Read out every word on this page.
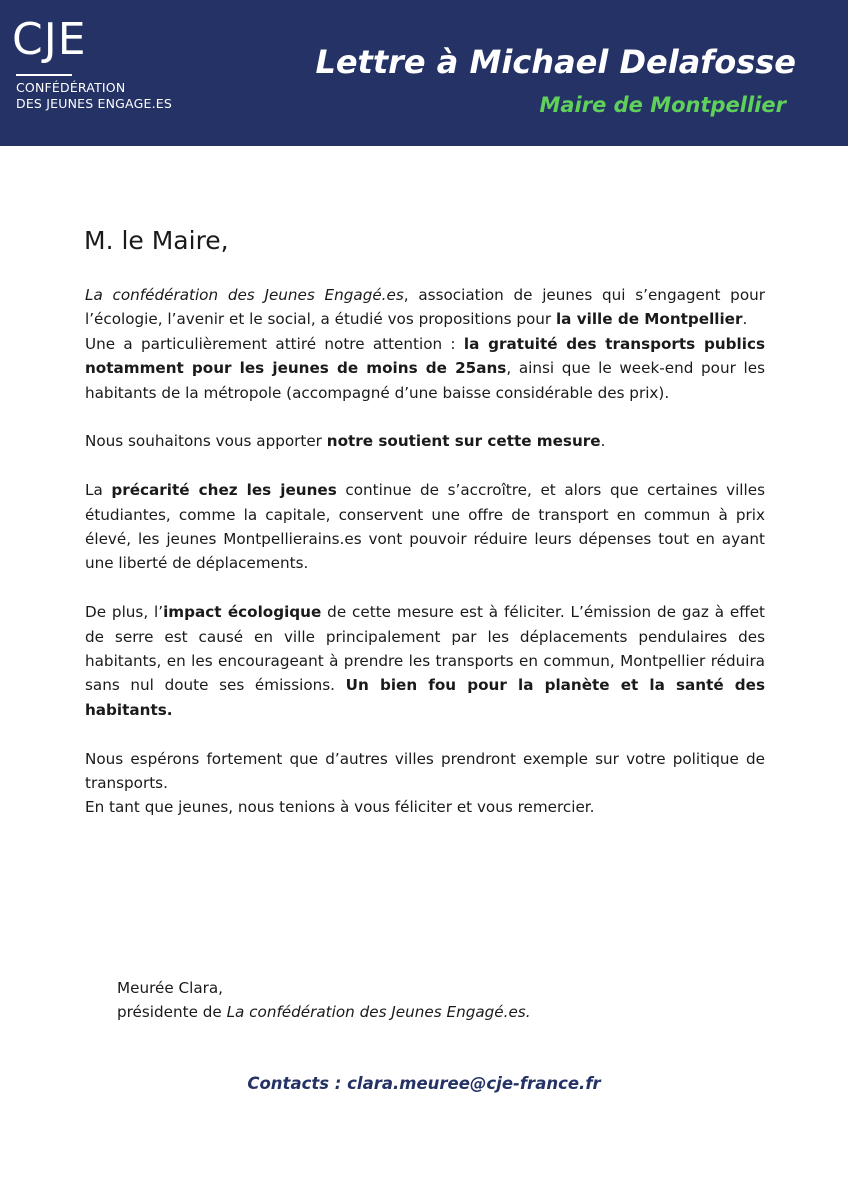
CJE
CONFÉDÉRATION
DES JEUNES ENGAGE.ES
Lettre à Michael Delafosse
Maire de Montpellier
M. le Maire,

La confédération des Jeunes Engagé.es, association de jeunes qui s’engagent pour l’écologie, l’avenir et le social, a étudié vos propositions pour la ville de Montpellier.

Une a particulièrement attiré notre attention : la gratuité des transports publics notamment pour les jeunes de moins de 25ans, ainsi que le week-end pour les habitants de la métropole (accompagné d’une baisse considérable des prix).

Nous souhaitons vous apporter notre soutient sur cette mesure.

La précarité chez les jeunes continue de s’accroître, et alors que certaines villes étudiantes, comme la capitale, conservent une offre de transport en commun à prix élevé, les jeunes Montpellierains.es vont pouvoir réduire leurs dépenses tout en ayant une liberté de déplacements.

De plus, l’impact écologique de cette mesure est à féliciter. L’émission de gaz à effet de serre est causé en ville principalement par les déplacements pendulaires des habitants, en les encourageant à prendre les transports en commun, Montpellier réduira sans nul doute ses émissions. Un bien fou pour la planète et la santé des habitants.

Nous espérons fortement que d’autres villes prendront exemple sur votre politique de transports.

En tant que jeunes, nous tenions à vous féliciter et vous remercier.

Meurée Clara,
présidente de La confédération des Jeunes Engagé.es.
Contacts : clara.meuree@cje-france.fr
